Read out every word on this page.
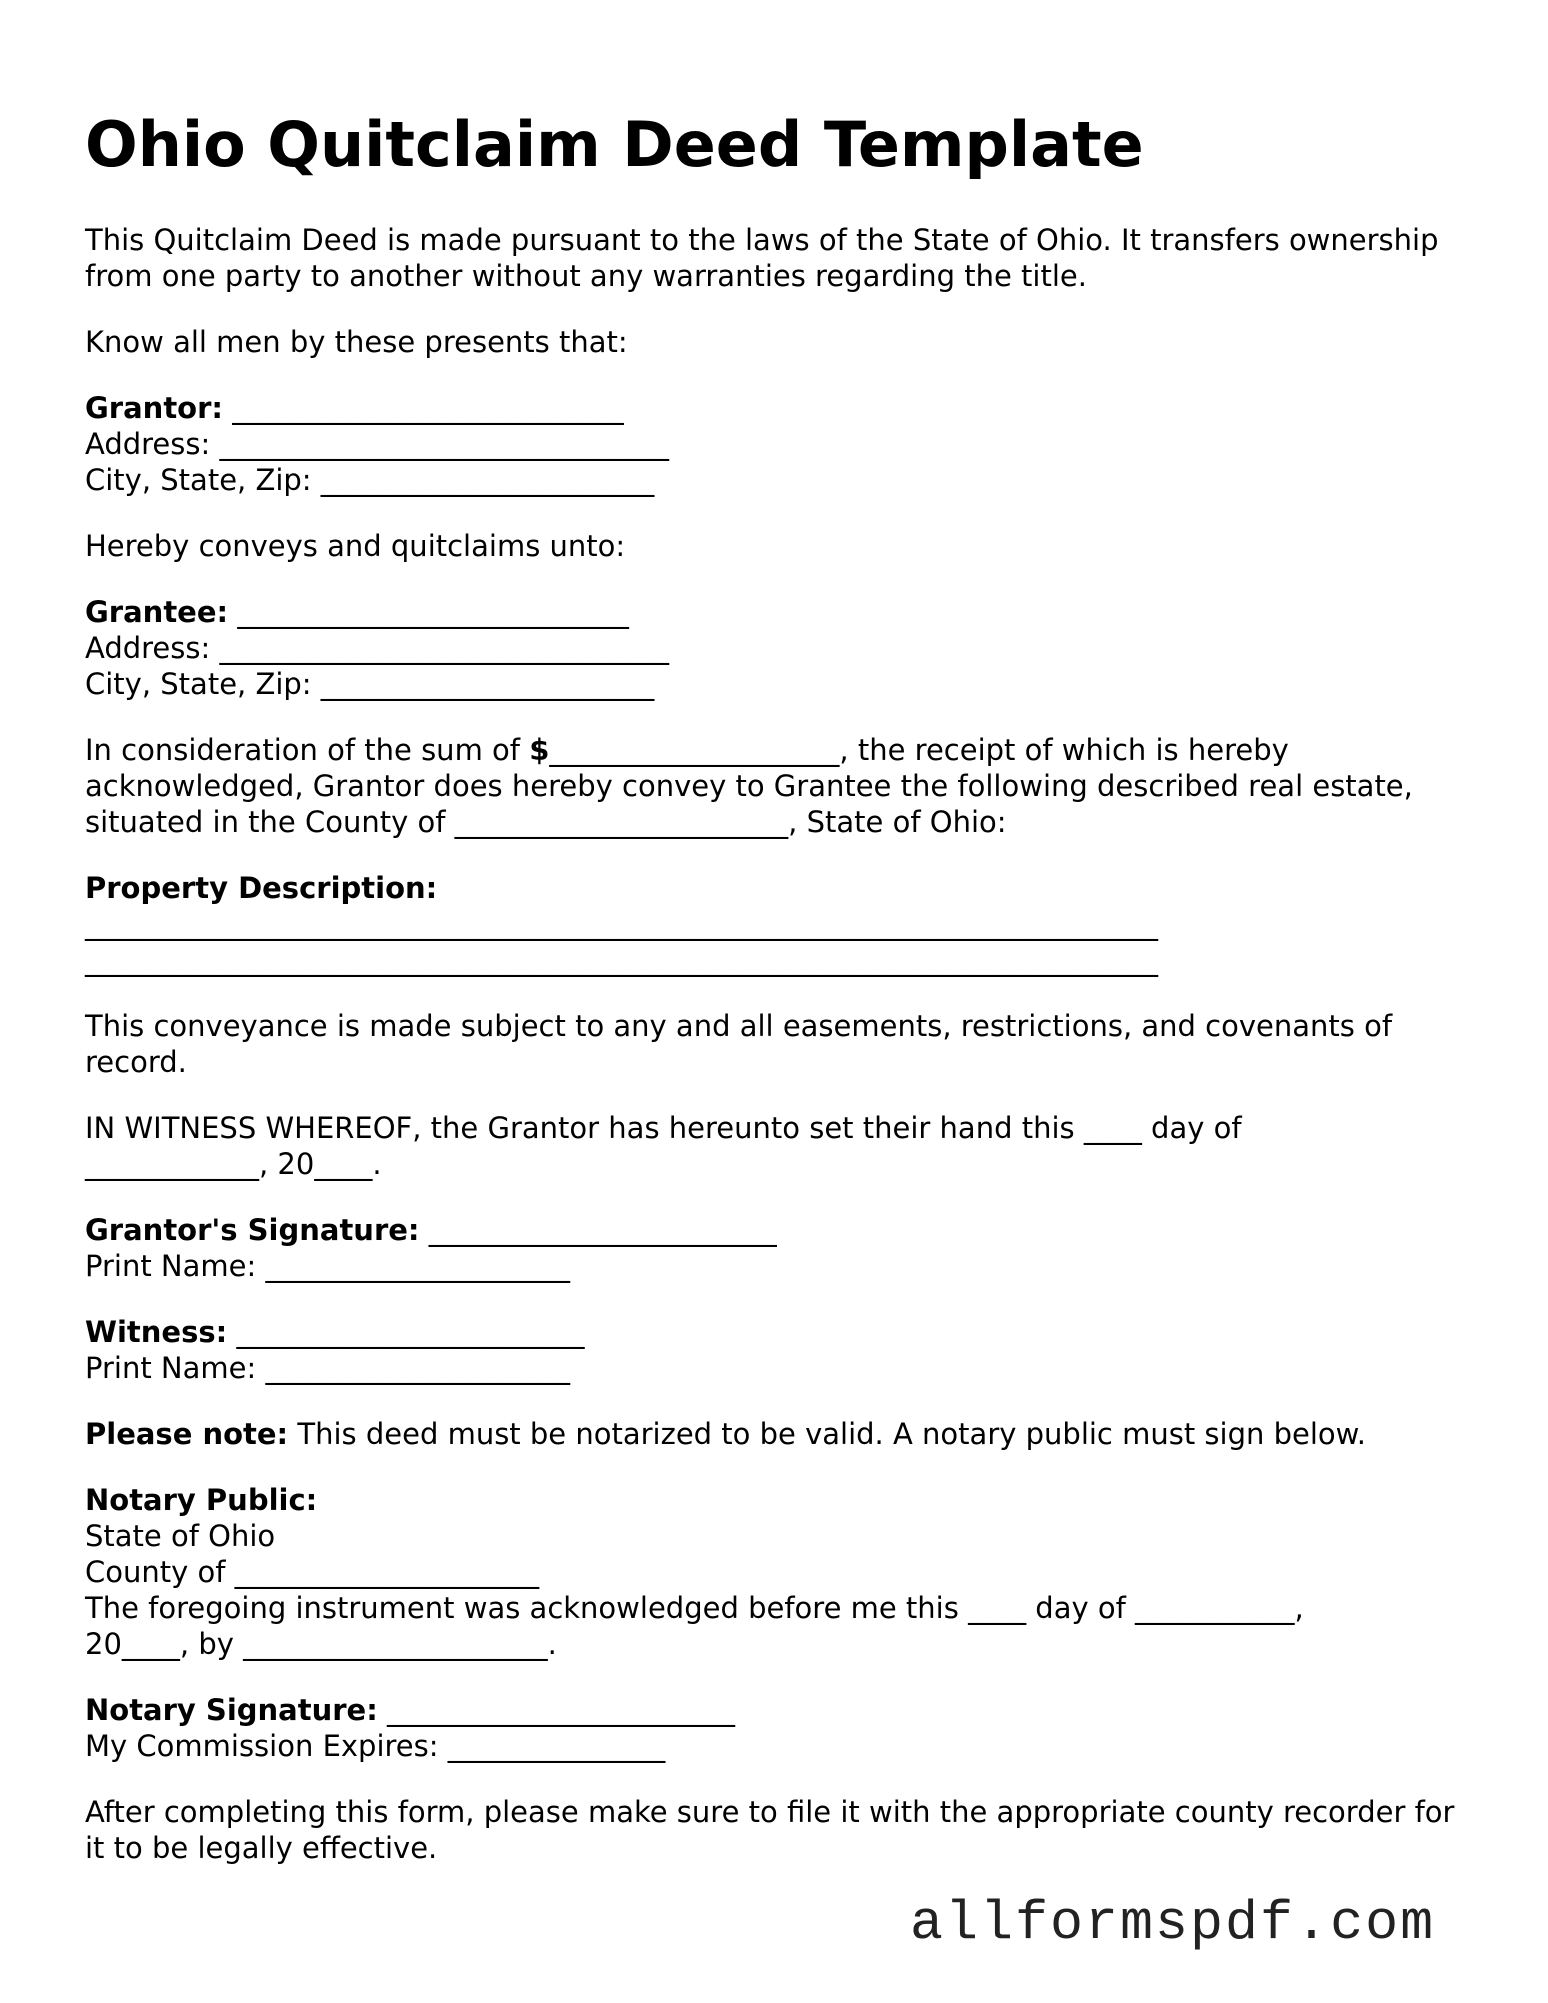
Ohio Quitclaim Deed Template

This Quitclaim Deed is made pursuant to the laws of the State of Ohio. It transfers ownership from one party to another without any warranties regarding the title.

Know all men by these presents that:

Grantor: ___________________________
Address: _______________________________
City, State, Zip: _______________________

Hereby conveys and quitclaims unto:

Grantee: ___________________________
Address: _______________________________
City, State, Zip: _______________________

In consideration of the sum of $____________________, the receipt of which is hereby acknowledged, Grantor does hereby convey to Grantee the following described real estate, situated in the County of _______________________, State of Ohio:

Property Description:
__________________________________________________________________________
__________________________________________________________________________

This conveyance is made subject to any and all easements, restrictions, and covenants of record.

IN WITNESS WHEREOF, the Grantor has hereunto set their hand this ____ day of
____________, 20____.

Grantor's Signature: ________________________
Print Name: _____________________

Witness: ________________________
Print Name: _____________________

Please note: This deed must be notarized to be valid. A notary public must sign below.

Notary Public:
State of Ohio
County of _____________________
The foregoing instrument was acknowledged before me this ____ day of ___________,
20____, by _____________________.

Notary Signature: ________________________
My Commission Expires: _______________

After completing this form, please make sure to file it with the appropriate county recorder for it to be legally effective.

allformspdf.com
